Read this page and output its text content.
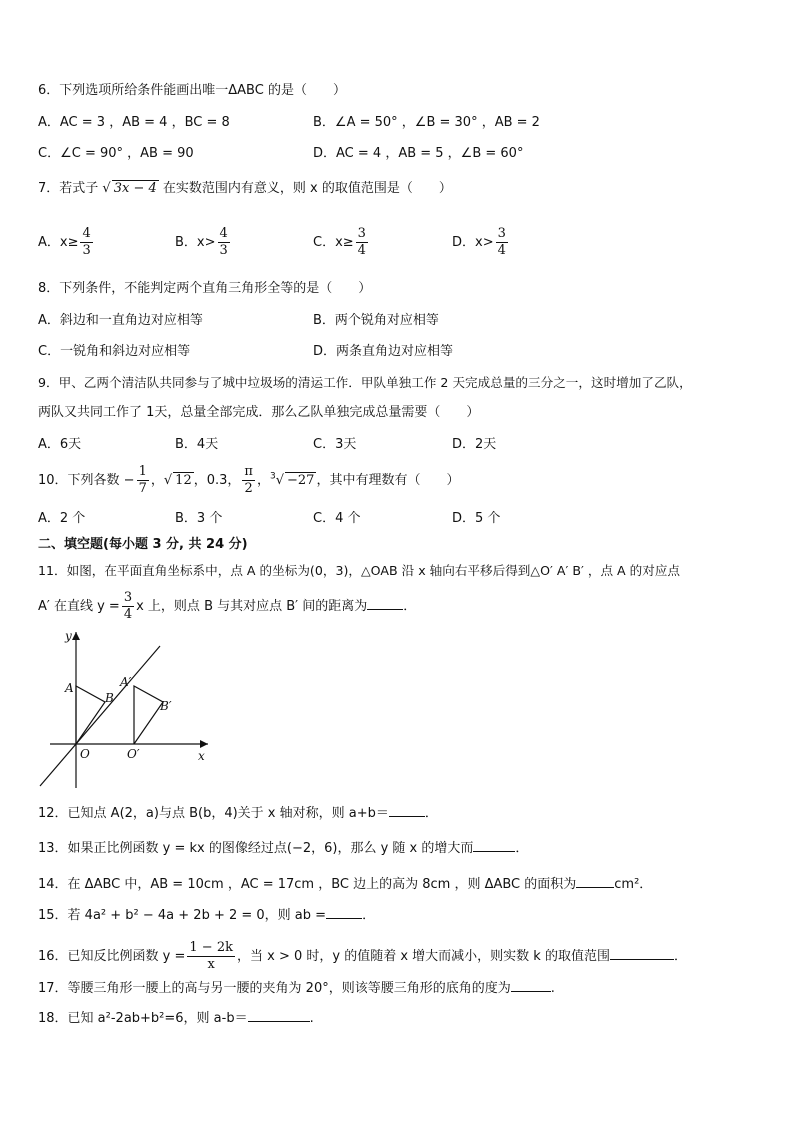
6．下列选项所给条件能画出唯一ΔABC 的是（　　）
A．AC = 3 ，AB = 4 ，BC = 8	B．∠A = 50° ，∠B = 30° ，AB = 2
C．∠C = 90° ，AB = 90	D．AC = 4 ，AB = 5 ，∠B = 60°
7．若式子 √ 3x − 4 在实数范围内有意义，则 x 的取值范围是（　　）
A．$x\ge \frac{4}{3}$	B．$x> \frac{4}{3}$	C．$x\ge \frac{3}{4}$	D．$x> \frac{3}{4}$
8．下列条件，不能判定两个直角三角形全等的是（　　）
A．斜边和一直角边对应相等	B．两个锐角对应相等
C．一锐角和斜边对应相等	D．两条直角边对应相等
9．甲、乙两个清洁队共同参与了城中垃圾场的清运工作．甲队单独工作 2 天完成总量的三分之一，这时增加了乙队，
两队又共同工作了 1天，总量全部完成．那么乙队单独完成总量需要（　　）
A．6天	B．4天	C．3天	D．2天
10．下列各数 − $\frac{1}{7}$ ，√ 12 ，0.3， $\frac{\pi}{2}$ ，$^3$√ −27 ，其中有理数有（　　）
A．2 个	B．3 个	C．4 个	D．5 个
二、填空题(每小题 3 分, 共 24 分)
11．如图，在平面直角坐标系中，点 A 的坐标为(0，3)，△OAB 沿 x 轴向右平移后得到△O′ A′ B′ ，点 A 的对应点
A′ 在直线 $y = \frac{3}{4}$ x 上，则点 B 与其对应点 B′ 间的距离为	．
y
x
A
B
O
A′
B′
O′
12．已知点 A(2，a)与点 B(b，4)关于 x 轴对称，则 a+b＝	．
13．如果正比例函数 y = kx 的图像经过点(−2，6)，那么 y 随 x 的增大而	．
14．在 ΔABC 中，AB = 10cm ，AC = 17cm ，BC 边上的高为 8cm ，则 ΔABC 的面积为	cm²．
15．若 4a² + b² − 4a + 2b + 2 = 0，则 ab =	．
16．已知反比例函数 $y = \frac{1 - 2k}{x}$ ，当 x > 0 时，y 的值随着 x 增大而减小，则实数 k 的取值范围	．
17．等腰三角形一腰上的高与另一腰的夹角为 20°，则该等腰三角形的底角的度为	.
18．已知 a²-2ab+b²=6，则 a-b＝	.
